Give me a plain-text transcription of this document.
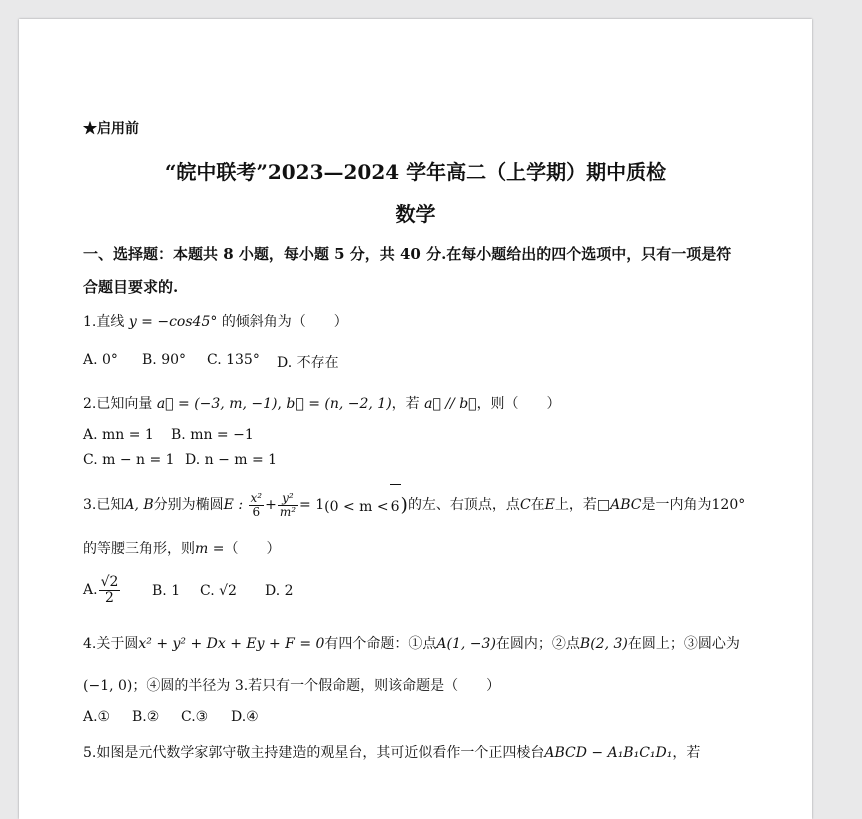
★启用前
“皖中联考”2023—2024 学年高二（上学期）期中质检
数学
一、选择题：本题共 8 小题，每小题 5 分，共 40 分.在每小题给出的四个选项中，只有一项是符
合题目要求的.
1.直线 y = −cos45° 的倾斜角为（　　）
A. 0° B. 90° C. 135° D. 不存在
2.已知向量 a⃗ = (−3, m, −1), b⃗ = (n, −2, 1)，若 a⃗ // b⃗，则（　　）
A. mn = 1 B. mn = −1
C. m − n = 1 D. n − m = 1
3.已知A, B分别为椭圆E : $\frac{\text{x²}}{6} + \frac{\text{y²}}{\text{m²}} = 1(0 < m < 6)$的左、右顶点，点C在E上，若□ABC是一内角为120°
的等腰三角形，则m =（　　）
A. $\frac{√2}{2} B$. 1 C. √2 D. 2
4.关于圆x² + y² + Dx + Ey + F = 0有四个命题：①点A(1, −3)在圆内；②点B(2, 3)在圆上；③圆心为
(−1, 0)；④圆的半径为 3.若只有一个假命题，则该命题是（　　）
A.① B.② C.③ D.④
5.如图是元代数学家郭守敬主持建造的观星台，其可近似看作一个正四棱台ABCD − A₁B₁C₁D₁，若
